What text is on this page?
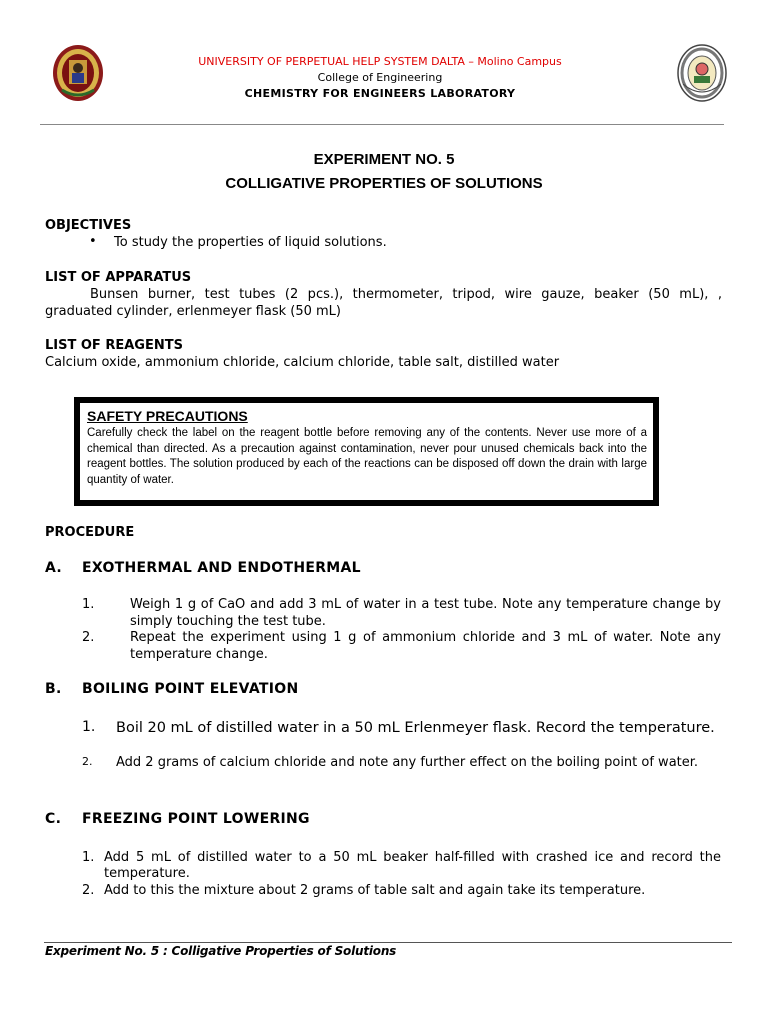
UNIVERSITY OF PERPETUAL HELP SYSTEM DALTA – Molino Campus
College of Engineering
CHEMISTRY FOR ENGINEERS LABORATORY
EXPERIMENT NO. 5
COLLIGATIVE PROPERTIES OF SOLUTIONS
OBJECTIVES
• To study the properties of liquid solutions.
LIST OF APPARATUS
Bunsen burner, test tubes (2 pcs.), thermometer, tripod, wire gauze, beaker (50 mL), ,
graduated cylinder, erlenmeyer flask (50 mL)
LIST OF REAGENTS
Calcium oxide, ammonium chloride, calcium chloride, table salt, distilled water
SAFETY PRECAUTIONS
Carefully check the label on the reagent bottle before removing any of the contents. Never use more of a chemical than directed. As a precaution against contamination, never pour unused chemicals back into the reagent bottles. The solution produced by each of the reactions can be disposed off down the drain with large quantity of water.
PROCEDURE
A. EXOTHERMAL AND ENDOTHERMAL
1.	Weigh 1 g of CaO and add 3 mL of water in a test tube. Note any temperature change by simply touching the test tube.
2.	Repeat the experiment using 1 g of ammonium chloride and 3 mL of water. Note any temperature change.
B. BOILING POINT ELEVATION
1. Boil 20 mL of distilled water in a 50 mL Erlenmeyer flask. Record the temperature.
2. Add 2 grams of calcium chloride and note any further effect on the boiling point of water.
C. FREEZING POINT LOWERING
1. Add 5 mL of distilled water to a 50 mL beaker half-filled with crashed ice and record the temperature.
2. Add to this the mixture about 2 grams of table salt and again take its temperature.
Experiment No. 5 : Colligative Properties of Solutions
